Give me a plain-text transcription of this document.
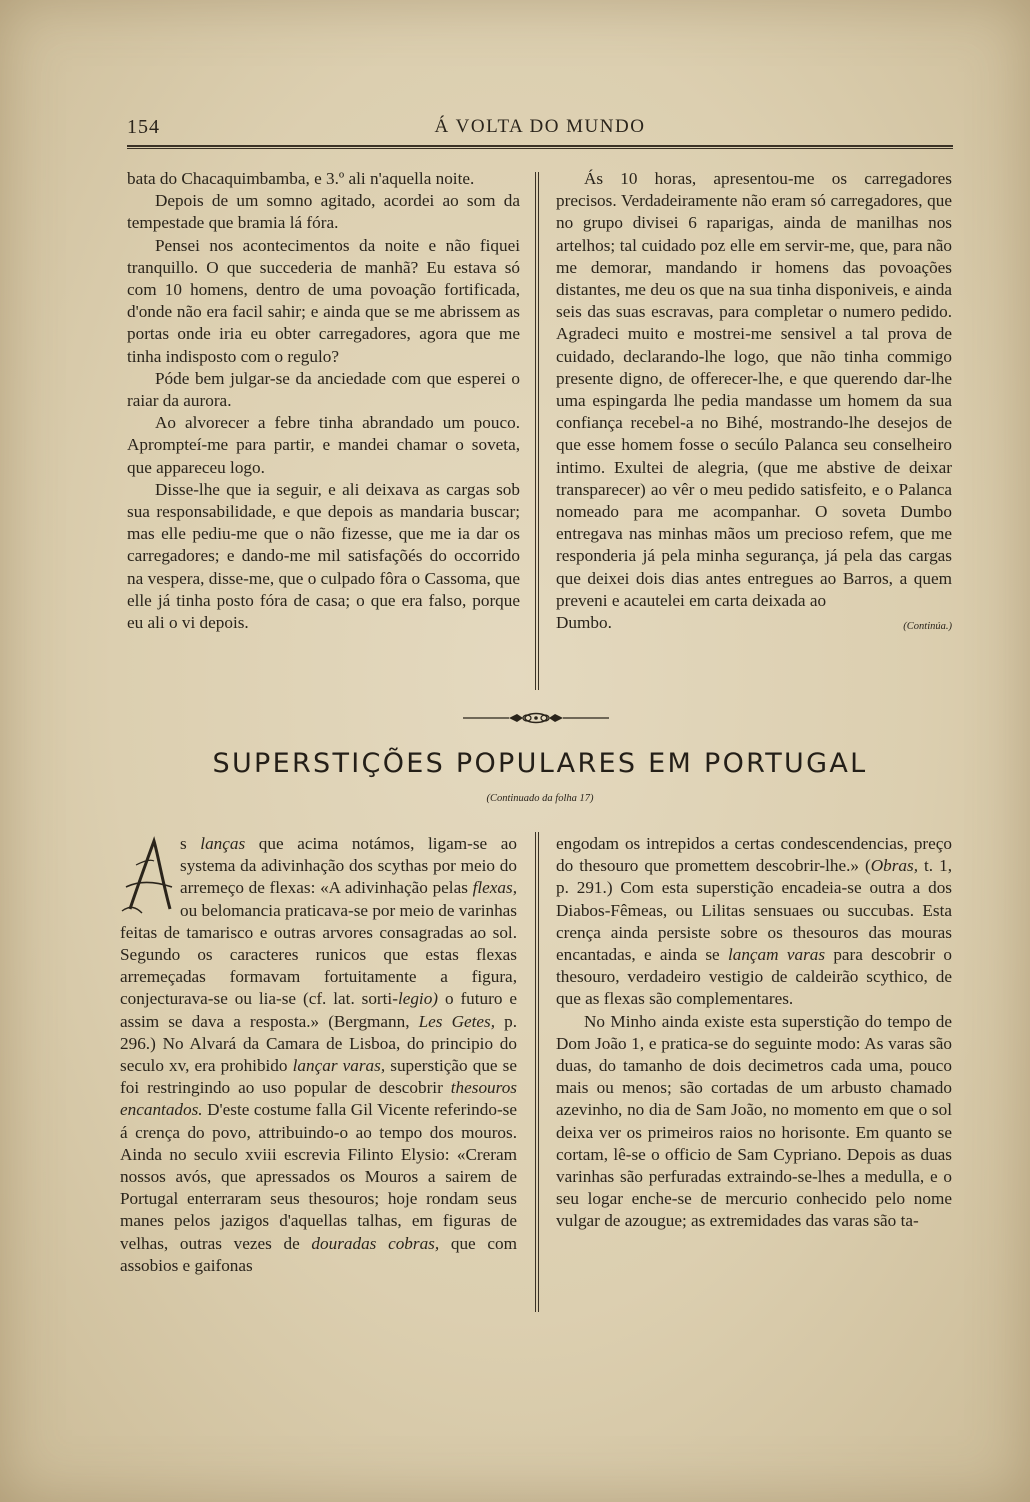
154	Á VOLTA DO MUNDO

bata do Chacaquimbamba, e 3.º ali n'aquella noite.

Depois de um somno agitado, acordei ao som da tempestade que bramia lá fóra.

Pensei nos acontecimentos da noite e não fiquei tranquillo. O que succederia de manhã? Eu estava só com 10 homens, dentro de uma povoação fortificada, d'onde não era facil sahir; e ainda que se me abrissem as portas onde iria eu obter carregadores, agora que me tinha indisposto com o regulo?

Póde bem julgar-se da anciedade com que esperei o raiar da aurora.

Ao alvorecer a febre tinha abrandado um pouco. Aprompteí-me para partir, e mandei chamar o soveta, que appareceu logo.

Disse-lhe que ia seguir, e ali deixava as cargas sob sua responsabilidade, e que depois as mandaria buscar; mas elle pediu-me que o não fizesse, que me ia dar os carregadores; e dando-me mil satisfaçõés do occorrido na vespera, disse-me, que o culpado fôra o Cassoma, que elle já tinha posto fóra de casa; o que era falso, porque eu ali o vi depois.

Ás 10 horas, apresentou-me os carregadores precisos. Verdadeiramente não eram só carregadores, que no grupo divisei 6 raparigas, ainda de manilhas nos artelhos; tal cuidado poz elle em servir-me, que, para não me demorar, mandando ir homens das povoações distantes, me deu os que na sua tinha disponiveis, e ainda seis das suas escravas, para completar o numero pedido. Agradeci muito e mostrei-me sensivel a tal prova de cuidado, declarando-lhe logo, que não tinha commigo presente digno, de offerecer-lhe, e que querendo dar-lhe uma espingarda lhe pedia mandasse um homem da sua confiança recebel-a no Bihé, mostrando-lhe desejos de que esse homem fosse o secúlo Palanca seu conselheiro intimo. Exultei de alegria, (que me abstive de deixar transparecer) ao vêr o meu pedido satisfeito, e o Palanca nomeado para me acompanhar. O soveta Dumbo entregava nas minhas mãos um precioso refem, que me responderia já pela minha segurança, já pela das cargas que deixei dois dias antes entregues ao Barros, a quem preveni e acautelei em carta deixada ao

Dumbo.	(Continúa.)

SUPERSTIÇÕES POPULARES EM PORTUGAL
(Continuado da folha 17)

s lanças que acima notámos, ligam-se ao systema da adivinhação dos scythas por meio do arremeço de flexas: «A adivinhação pelas flexas, ou belomancia praticava-se por meio de varinhas feitas de tamarisco e outras arvores consagradas ao sol. Segundo os caracteres runicos que estas flexas arremeçadas formavam fortuitamente a figura, conjecturava-se ou lia-se (cf. lat. sorti-legio) o futuro e assim se dava a resposta.» (Bergmann, Les Getes, p. 296.) No Alvará da Camara de Lisboa, do principio do seculo xv, era prohibido lançar varas, superstição que se foi restringindo ao uso popular de descobrir thesouros encantados. D'este costume falla Gil Vicente referindo-se á crença do povo, attribuindo-o ao tempo dos mouros. Ainda no seculo xviii escrevia Filinto Elysio: «Creram nossos avós, que apressados os Mouros a sairem de Portugal enterraram seus thesouros; hoje rondam seus manes pelos jazigos d'aquellas talhas, em figuras de velhas, outras vezes de douradas cobras, que com assobios e gaifonas

engodam os intrepidos a certas condescendencias, preço do thesouro que promettem descobrir-lhe.» (Obras, t. 1, p. 291.) Com esta superstição encadeia-se outra a dos Diabos-Fêmeas, ou Lilitas sensuaes ou succubas. Esta crença ainda persiste sobre os thesouros das mouras encantadas, e ainda se lançam varas para descobrir o thesouro, verdadeiro vestigio de caldeirão scythico, de que as flexas são complementares.

No Minho ainda existe esta superstição do tempo de Dom João 1, e pratica-se do seguinte modo: As varas são duas, do tamanho de dois decimetros cada uma, pouco mais ou menos; são cortadas de um arbusto chamado azevinho, no dia de Sam João, no momento em que o sol deixa ver os primeiros raios no horisonte. Em quanto se cortam, lê-se o officio de Sam Cypriano. Depois as duas varinhas são perfuradas extraindo-se-lhes a medulla, e o seu logar enche-se de mercurio conhecido pelo nome vulgar de azougue; as extremidades das varas são ta-
